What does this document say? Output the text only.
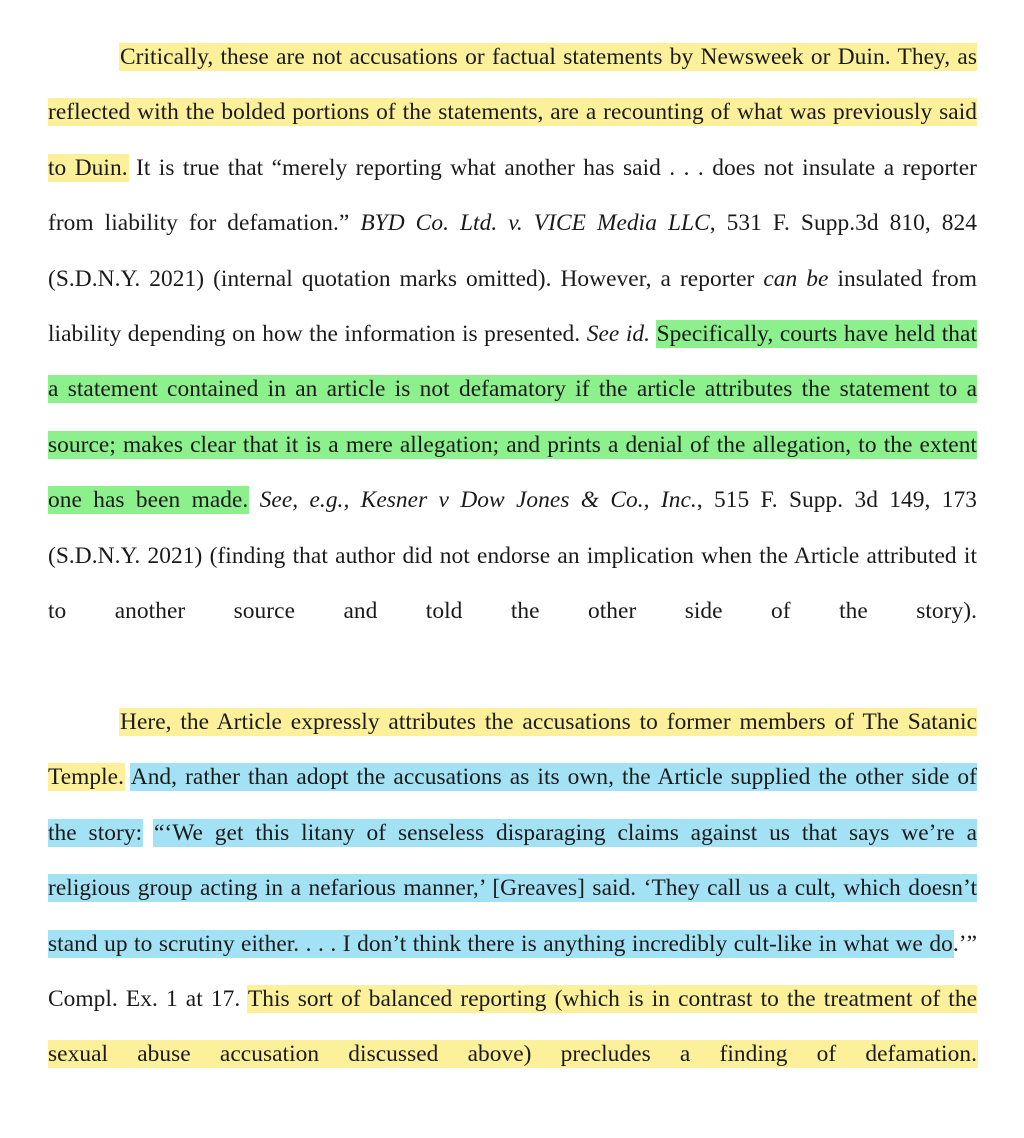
Critically, these are not accusations or factual statements by Newsweek or Duin. They, as reflected with the bolded portions of the statements, are a recounting of what was previously said to Duin. It is true that “merely reporting what another has said . . . does not insulate a reporter from liability for defamation.” BYD Co. Ltd. v. VICE Media LLC, 531 F. Supp.3d 810, 824 (S.D.N.Y. 2021) (internal quotation marks omitted). However, a reporter can be insulated from liability depending on how the information is presented. See id. Specifically, courts have held that a statement contained in an article is not defamatory if the article attributes the statement to a source; makes clear that it is a mere allegation; and prints a denial of the allegation, to the extent one has been made. See, e.g., Kesner v Dow Jones & Co., Inc., 515 F. Supp. 3d 149, 173 (S.D.N.Y. 2021) (finding that author did not endorse an implication when the Article attributed it to another source and told the other side of the story).

Here, the Article expressly attributes the accusations to former members of The Satanic Temple. And, rather than adopt the accusations as its own, the Article supplied the other side of the story: “‘We get this litany of senseless disparaging claims against us that says we’re a religious group acting in a nefarious manner,’ [Greaves] said. ‘They call us a cult, which doesn’t stand up to scrutiny either. . . . I don’t think there is anything incredibly cult-like in what we do.’” Compl. Ex. 1 at 17. This sort of balanced reporting (which is in contrast to the treatment of the sexual abuse accusation discussed above) precludes a finding of defamation.
